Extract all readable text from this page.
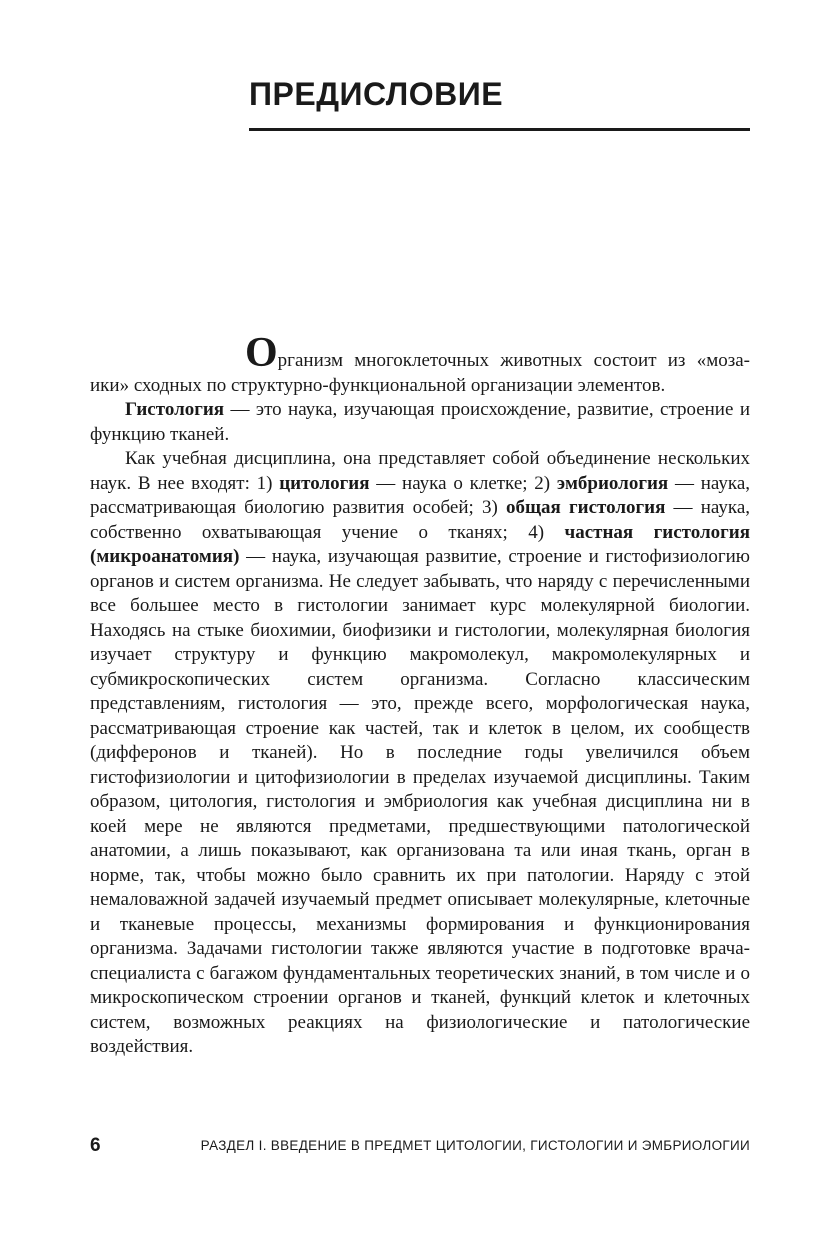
ПРЕДИСЛОВИЕ

Организм многоклеточных животных состоит из «моза-
ики» сходных по структурно-функциональной организации элементов.

Гистология — это наука, изучающая происхождение, развитие, строение и функцию тканей.

Как учебная дисциплина, она представляет собой объединение нескольких наук. В нее входят: 1) цитология — наука о клетке; 2) эмбриология — наука, рассматривающая биологию развития особей; 3) общая гистология — наука, собственно охватывающая учение о тканях; 4) частная гистология (микроанатомия) — наука, изучающая развитие, строение и гистофизиологию органов и систем организма. Не следует забывать, что наряду с перечисленными все большее место в гистологии занимает курс молекулярной биологии. Находясь на стыке биохимии, биофизики и гистологии, молекулярная биология изучает структуру и функцию макромолекул, макромолекулярных и субмикроскопических систем организма. Согласно классическим представлениям, гистология — это, прежде всего, морфологическая наука, рассматривающая строение как частей, так и клеток в целом, их сообществ (дифферонов и тканей). Но в последние годы увеличился объем гистофизиологии и цитофизиологии в пределах изучаемой дисциплины. Таким образом, цитология, гистология и эмбриология как учебная дисциплина ни в коей мере не являются предметами, предшествующими патологической анатомии, а лишь показывают, как организована та или иная ткань, орган в норме, так, чтобы можно было сравнить их при патологии. Наряду с этой немаловажной задачей изучаемый предмет описывает молекулярные, клеточные и тканевые процессы, механизмы формирования и функционирования организма. Задачами гистологии также являются участие в подготовке врача-специалиста с багажом фундаментальных теоретических знаний, в том числе и о микроскопическом строении органов и тканей, функций клеток и клеточных систем, возможных реакциях на физиологические и патологические воздействия.

6	РАЗДЕЛ I. ВВЕДЕНИЕ В ПРЕДМЕТ ЦИТОЛОГИИ, ГИСТОЛОГИИ И ЭМБРИОЛОГИИ
